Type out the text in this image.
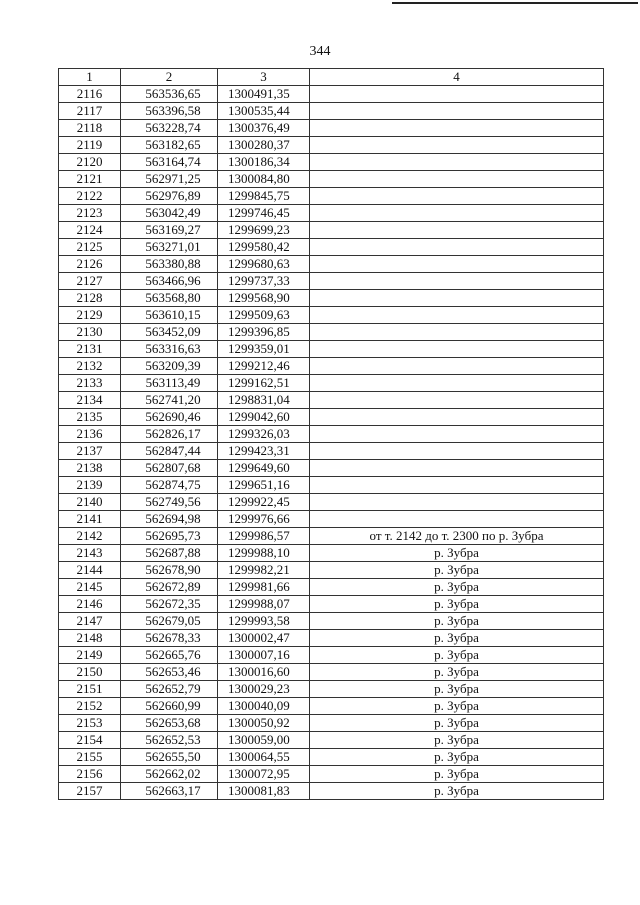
344
1	2	3	4
2116	563536,65	1300491,35	
2117	563396,58	1300535,44	
2118	563228,74	1300376,49	
2119	563182,65	1300280,37	
2120	563164,74	1300186,34	
2121	562971,25	1300084,80	
2122	562976,89	1299845,75	
2123	563042,49	1299746,45	
2124	563169,27	1299699,23	
2125	563271,01	1299580,42	
2126	563380,88	1299680,63	
2127	563466,96	1299737,33	
2128	563568,80	1299568,90	
2129	563610,15	1299509,63	
2130	563452,09	1299396,85	
2131	563316,63	1299359,01	
2132	563209,39	1299212,46	
2133	563113,49	1299162,51	
2134	562741,20	1298831,04	
2135	562690,46	1299042,60	
2136	562826,17	1299326,03	
2137	562847,44	1299423,31	
2138	562807,68	1299649,60	
2139	562874,75	1299651,16	
2140	562749,56	1299922,45	
2141	562694,98	1299976,66	
2142	562695,73	1299986,57	от т. 2142 до т. 2300 по р. Зубра
2143	562687,88	1299988,10	р. Зубра
2144	562678,90	1299982,21	р. Зубра
2145	562672,89	1299981,66	р. Зубра
2146	562672,35	1299988,07	р. Зубра
2147	562679,05	1299993,58	р. Зубра
2148	562678,33	1300002,47	р. Зубра
2149	562665,76	1300007,16	р. Зубра
2150	562653,46	1300016,60	р. Зубра
2151	562652,79	1300029,23	р. Зубра
2152	562660,99	1300040,09	р. Зубра
2153	562653,68	1300050,92	р. Зубра
2154	562652,53	1300059,00	р. Зубра
2155	562655,50	1300064,55	р. Зубра
2156	562662,02	1300072,95	р. Зубра
2157	562663,17	1300081,83	р. Зубра
